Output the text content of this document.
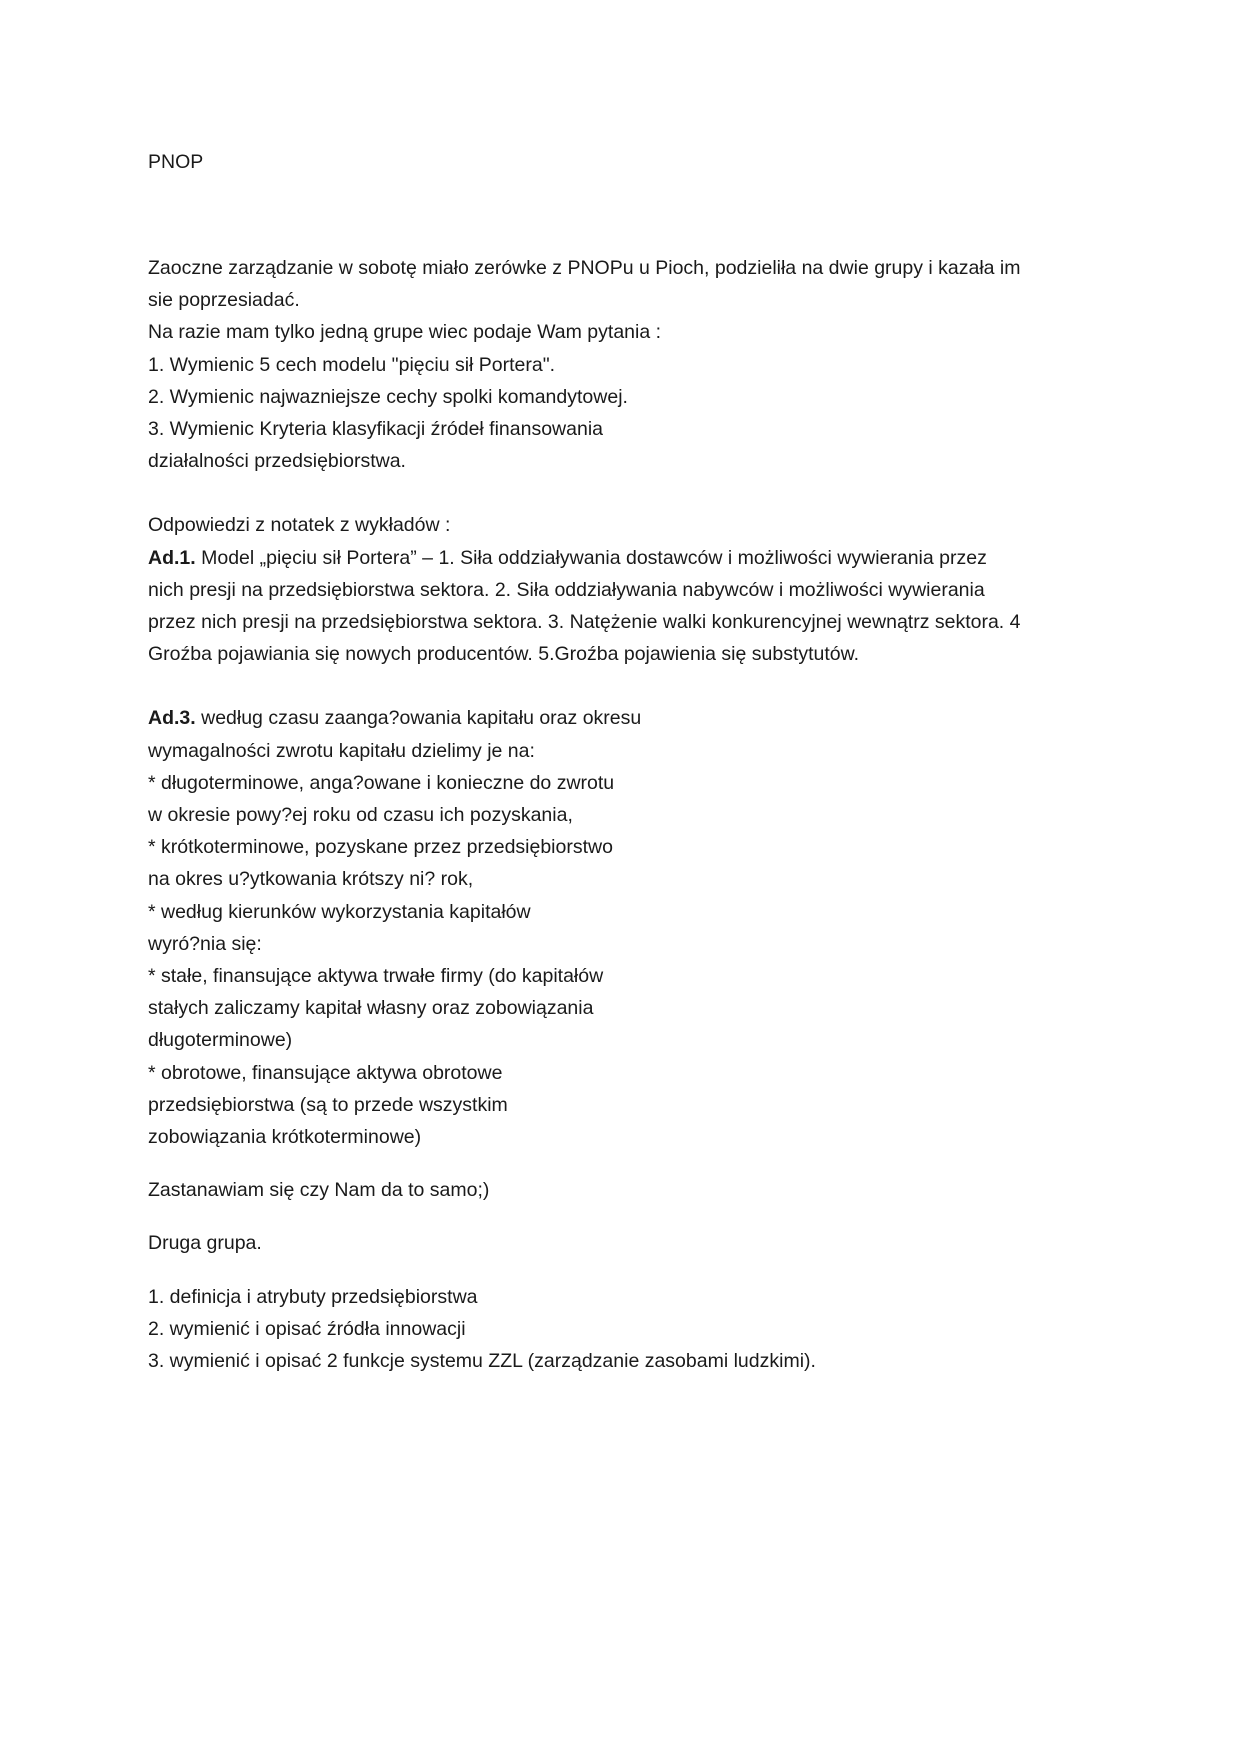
PNOP
Zaoczne zarządzanie w sobotę miało zerówke z PNOPu u Pioch, podzieliła na dwie grupy i kazała im
sie poprzesiadać.
Na razie mam tylko jedną grupe wiec podaje Wam pytania :
1. Wymienic 5 cech modelu "pięciu sił Portera".
2. Wymienic najwazniejsze cechy spolki komandytowej.
3. Wymienic Kryteria klasyfikacji źródeł finansowania
działalności przedsiębiorstwa.
Odpowiedzi z notatek z wykładów :
Ad.1. Model „pięciu sił Portera” – 1. Siła oddziaływania dostawców i możliwości wywierania przez
nich presji na przedsiębiorstwa sektora. 2. Siła oddziaływania nabywców i możliwości wywierania
przez nich presji na przedsiębiorstwa sektora. 3. Natężenie walki konkurencyjnej wewnątrz sektora. 4
Groźba pojawiania się nowych producentów. 5.Groźba pojawienia się substytutów.
Ad.3. według czasu zaanga?owania kapitału oraz okresu
wymagalności zwrotu kapitału dzielimy je na:
* długoterminowe, anga?owane i konieczne do zwrotu
w okresie powy?ej roku od czasu ich pozyskania,
* krótkoterminowe, pozyskane przez przedsiębiorstwo
na okres u?ytkowania krótszy ni? rok,
* według kierunków wykorzystania kapitałów
wyró?nia się:
* stałe, finansujące aktywa trwałe firmy (do kapitałów
stałych zaliczamy kapitał własny oraz zobowiązania
długoterminowe)
* obrotowe, finansujące aktywa obrotowe
przedsiębiorstwa (są to przede wszystkim
zobowiązania krótkoterminowe)
Zastanawiam się czy Nam da to samo;)
Druga grupa.
1. definicja i atrybuty przedsiębiorstwa
2. wymienić i opisać źródła innowacji
3. wymienić i opisać 2 funkcje systemu ZZL (zarządzanie zasobami ludzkimi).
